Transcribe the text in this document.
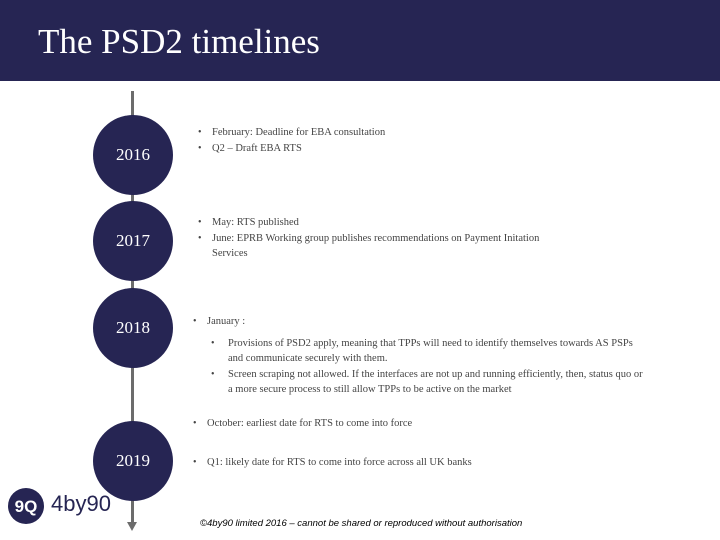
The PSD2 timelines
2016
• February: Deadline for EBA consultation
• Q2 – Draft EBA RTS
2017
• May: RTS published
• June: EPRB Working group publishes recommendations on Payment Initation Services
2018	• January :
• Provisions of PSD2 apply, meaning that TPPs will need to identify themselves towards AS PSPs and communicate securely with them.
• Screen scraping not allowed. If the interfaces are not up and running efficiently, then, status quo or a more secure process to still allow TPPs to be active on the market
• October: earliest date for RTS to come into force
2019	• Q1: likely date for RTS to come into force across all UK banks
9Q 4by90

©4by90 limited 2016 – cannot be shared or reproduced without authorisation
